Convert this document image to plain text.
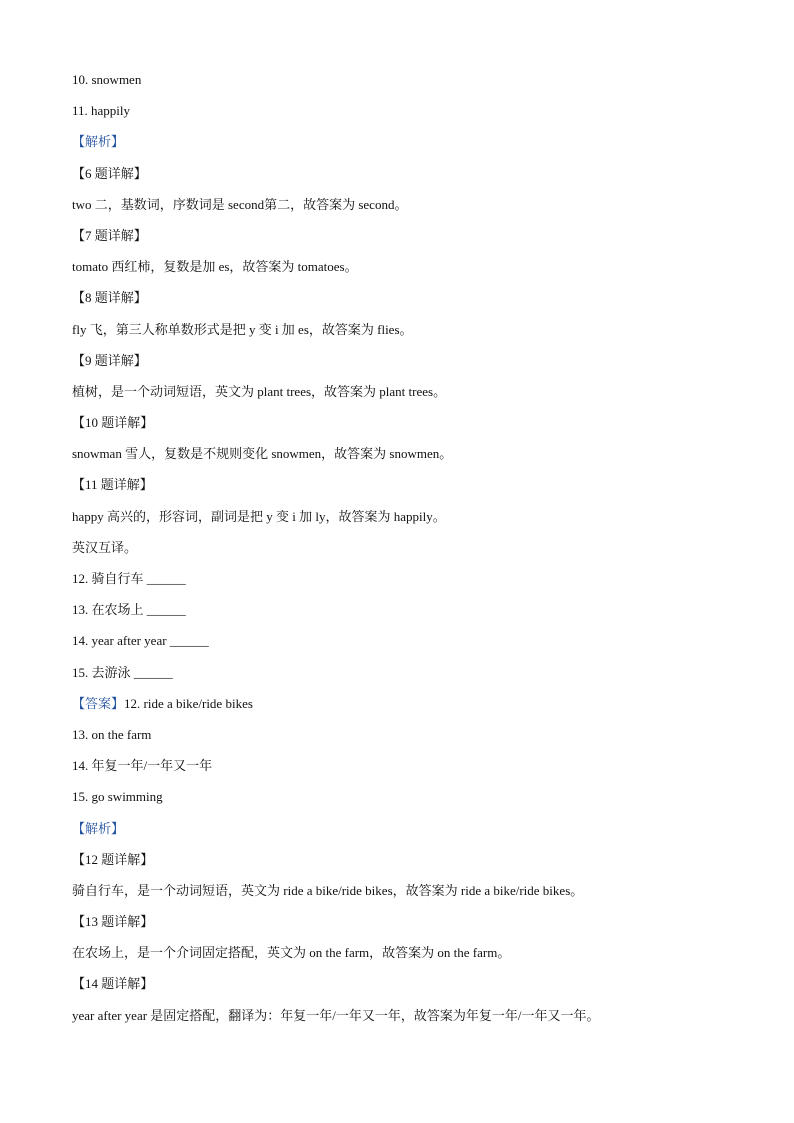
10. snowmen
11. happily
【解析】
【6 题详解】
two 二，基数词，序数词是 second第二，故答案为 second。
【7 题详解】
tomato 西红柿，复数是加 es，故答案为 tomatoes。
【8 题详解】
fly 飞，第三人称单数形式是把 y 变 i 加 es，故答案为 flies。
【9 题详解】
植树，是一个动词短语，英文为 plant trees，故答案为 plant trees。
【10 题详解】
snowman 雪人，复数是不规则变化 snowmen，故答案为 snowmen。
【11 题详解】
happy 高兴的，形容词，副词是把 y 变 i 加 ly，故答案为 happily。
英汉互译。
12. 骑自行车 ______
13. 在农场上 ______
14. year after year ______
15. 去游泳 ______
【答案】12. ride a bike/ride bikes
13. on the farm
14. 年复一年/一年又一年
15. go swimming
【解析】
【12 题详解】
骑自行车，是一个动词短语，英文为 ride a bike/ride bikes，故答案为 ride a bike/ride bikes。
【13 题详解】
在农场上，是一个介词固定搭配，英文为 on the farm，故答案为 on the farm。
【14 题详解】
year after year 是固定搭配，翻译为：年复一年/一年又一年，故答案为年复一年/一年又一年。
